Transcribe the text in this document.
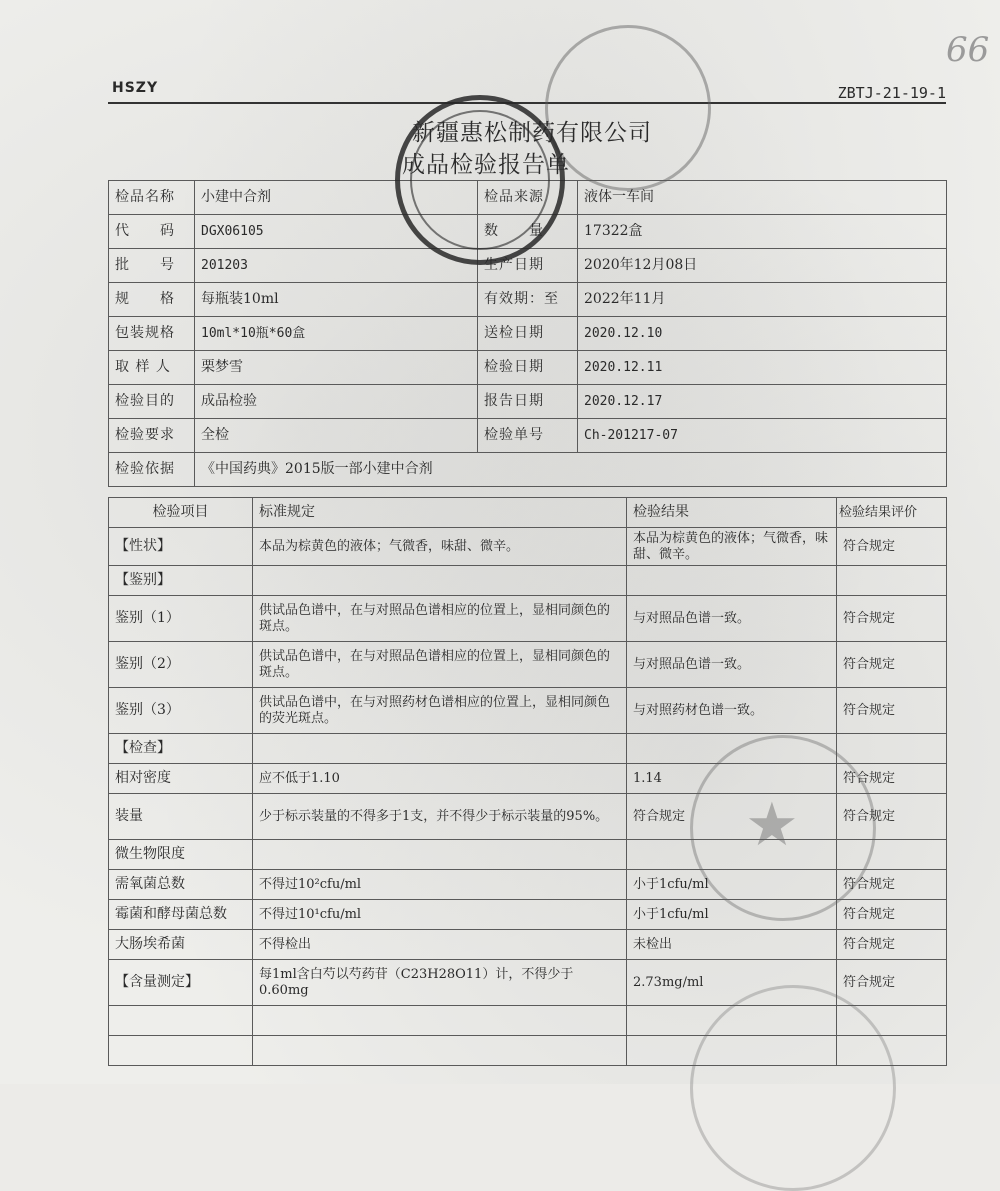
HSZY	ZBTJ-21-19-1
66
★
新疆惠松制药有限公司
成品检验报告单
检品名称	小建中合剂	检品来源	液体一车间
代　　码	DGX06105	数　　量	17322盒
批　　号	201203	生产日期	2020年12月08日
规　　格	每瓶装10ml	有效期：至	2022年11月
包装规格	10ml*10瓶*60盒	送检日期	2020.12.10
取 样 人	栗梦雪	检验日期	2020.12.11
检验目的	成品检验	报告日期	2020.12.17
检验要求	全检	检验单号	Ch-201217-07
检验依据	《中国药典》2015版一部小建中合剂		
检验项目	标准规定	检验结果	检验结果评价
【性状】	本品为棕黄色的液体；气微香，味甜、微辛。	本品为棕黄色的液体；气微香，味甜、微辛。	符合规定
【鉴别】			
鉴别（1）	供试品色谱中，在与对照品色谱相应的位置上，显相同颜色的斑点。	与对照品色谱一致。	符合规定
鉴别（2）	供试品色谱中，在与对照品色谱相应的位置上，显相同颜色的斑点。	与对照品色谱一致。	符合规定
鉴别（3）	供试品色谱中，在与对照药材色谱相应的位置上，显相同颜色的荧光斑点。	与对照药材色谱一致。	符合规定
【检查】			
相对密度	应不低于1.10	1.14	符合规定
装量	少于标示装量的不得多于1支，并不得少于标示装量的95%。	符合规定	符合规定
微生物限度			
需氧菌总数	不得过10²cfu/ml	小于1cfu/ml	符合规定
霉菌和酵母菌总数	不得过10¹cfu/ml	小于1cfu/ml	符合规定
大肠埃希菌	不得检出	未检出	符合规定
【含量测定】	每1ml含白芍以芍药苷（C23H28O11）计，不得少于0.60mg	2.73mg/ml	符合规定
